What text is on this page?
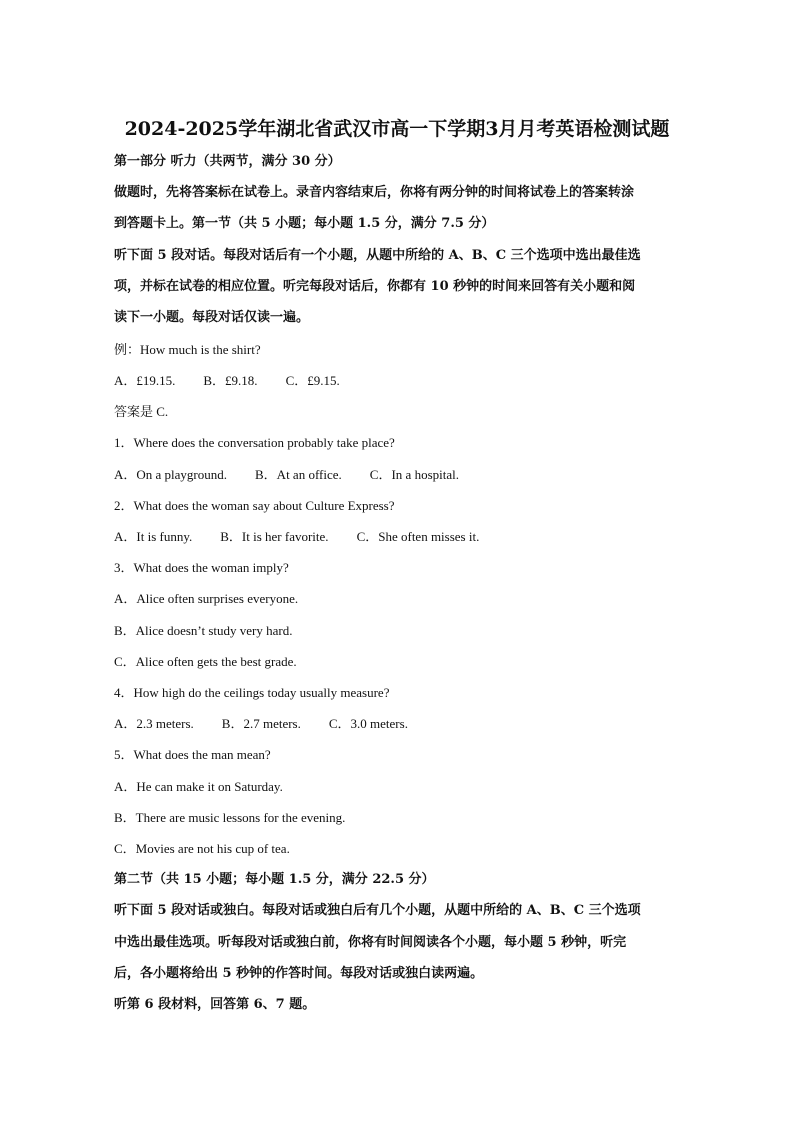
2024-2025学年湖北省武汉市高一下学期3月月考英语检测试题
第一部分 听力（共两节，满分 30 分）
做题时，先将答案标在试卷上。录音内容结束后，你将有两分钟的时间将试卷上的答案转涂
到答题卡上。第一节（共 5 小题；每小题 1.5 分，满分 7.5 分）
听下面 5 段对话。每段对话后有一个小题，从题中所给的 A、B、C 三个选项中选出最佳选
项，并标在试卷的相应位置。听完每段对话后，你都有 10 秒钟的时间来回答有关小题和阅
读下一小题。每段对话仅读一遍。
例：How much is the shirt?
A．£19.15. B．£9.18. C．£9.15.
答案是 C.
1．Where does the conversation probably take place?
A．On a playground. B．At an office. C．In a hospital.
2．What does the woman say about Culture Express?
A．It is funny. B．It is her favorite. C．She often misses it.
3．What does the woman imply?
A．Alice often surprises everyone.
B．Alice doesn’t study very hard.
C．Alice often gets the best grade.
4．How high do the ceilings today usually measure?
A．2.3 meters. B．2.7 meters. C．3.0 meters.
5．What does the man mean?
A．He can make it on Saturday.
B．There are music lessons for the evening.
C．Movies are not his cup of tea.
第二节（共 15 小题；每小题 1.5 分，满分 22.5 分）
听下面 5 段对话或独白。每段对话或独白后有几个小题，从题中所给的 A、B、C 三个选项
中选出最佳选项。听每段对话或独白前，你将有时间阅读各个小题，每小题 5 秒钟，听完
后，各小题将给出 5 秒钟的作答时间。每段对话或独白读两遍。
听第 6 段材料，回答第 6、7 题。
